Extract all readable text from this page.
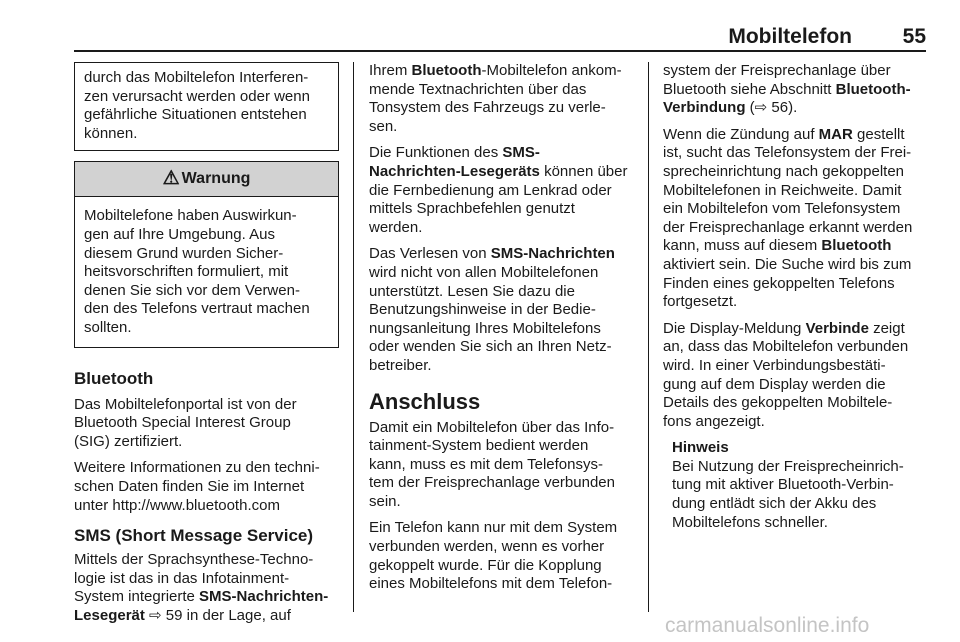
Mobiltelefon	55
durch das Mobiltelefon Interferen-
zen verursacht werden oder wenn
gefährliche Situationen entstehen
können.
⚠ Warnung
Mobiltelefone haben Auswirkun-
gen auf Ihre Umgebung. Aus
diesem Grund wurden Sicher-
heitsvorschriften formuliert, mit
denen Sie sich vor dem Verwen-
den des Telefons vertraut machen
sollten.
Bluetooth

Das Mobiltelefonportal ist von der
Bluetooth Special Interest Group
(SIG) zertifiziert.

Weitere Informationen zu den techni-
schen Daten finden Sie im Internet
unter http://www.bluetooth.com

SMS (Short Message Service)

Mittels der Sprachsynthese-Techno-
logie ist das in das Infotainment-
System integrierte SMS-Nachrichten-
Lesegerät ⇨ 59 in der Lage, auf

Ihrem Bluetooth-Mobiltelefon ankom-
mende Textnachrichten über das
Tonsystem des Fahrzeugs zu verle-
sen.

Die Funktionen des SMS-
Nachrichten-Lesegeräts können über
die Fernbedienung am Lenkrad oder
mittels Sprachbefehlen genutzt
werden.

Das Verlesen von SMS-Nachrichten
wird nicht von allen Mobiltelefonen
unterstützt. Lesen Sie dazu die
Benutzungshinweise in der Bedie-
nungsanleitung Ihres Mobiltelefons
oder wenden Sie sich an Ihren Netz-
betreiber.

Anschluss

Damit ein Mobiltelefon über das Info-
tainment-System bedient werden
kann, muss es mit dem Telefonsys-
tem der Freisprechanlage verbunden
sein.

Ein Telefon kann nur mit dem System
verbunden werden, wenn es vorher
gekoppelt wurde. Für die Kopplung
eines Mobiltelefons mit dem Telefon-

system der Freisprechanlage über
Bluetooth siehe Abschnitt Bluetooth-
Verbindung (⇨ 56).

Wenn die Zündung auf MAR gestellt
ist, sucht das Telefonsystem der Frei-
sprecheinrichtung nach gekoppelten
Mobiltelefonen in Reichweite. Damit
ein Mobiltelefon vom Telefonsystem
der Freisprechanlage erkannt werden
kann, muss auf diesem Bluetooth
aktiviert sein. Die Suche wird bis zum
Finden eines gekoppelten Telefons
fortgesetzt.

Die Display-Meldung Verbinde zeigt
an, dass das Mobiltelefon verbunden
wird. In einer Verbindungsbestäti-
gung auf dem Display werden die
Details des gekoppelten Mobiltele-
fons angezeigt.

Hinweis
Bei Nutzung der Freisprecheinrich-
tung mit aktiver Bluetooth-Verbin-
dung entlädt sich der Akku des
Mobiltelefons schneller.
carmanualsonline.info
